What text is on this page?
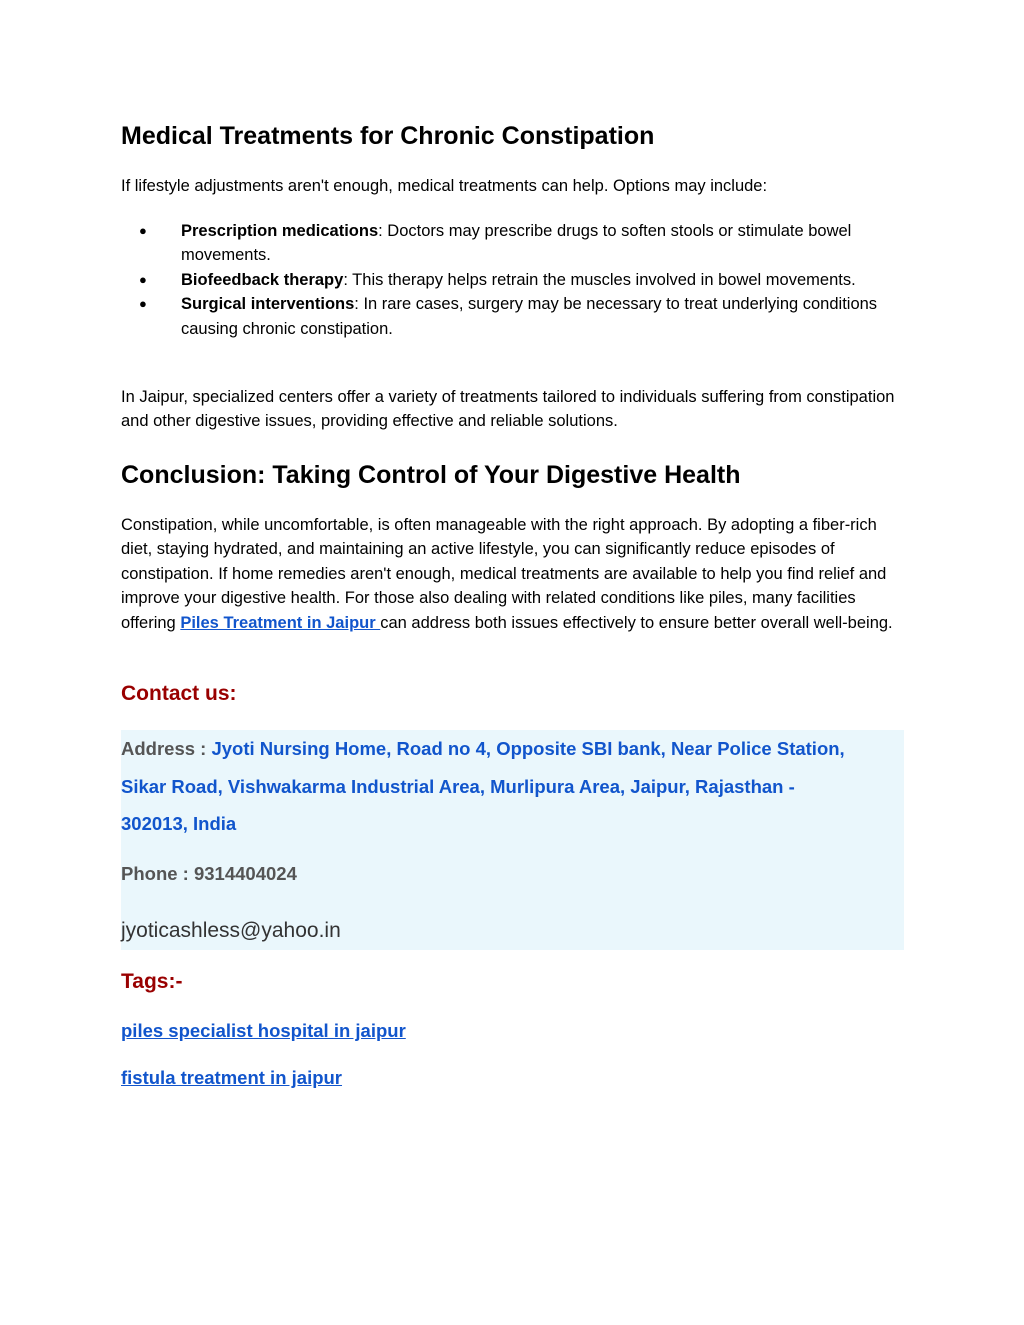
Medical Treatments for Chronic Constipation

If lifestyle adjustments aren't enough, medical treatments can help. Options may include:

● Prescription medications: Doctors may prescribe drugs to soften stools or stimulate bowel movements.
● Biofeedback therapy: This therapy helps retrain the muscles involved in bowel movements.
● Surgical interventions: In rare cases, surgery may be necessary to treat underlying conditions causing chronic constipation.

In Jaipur, specialized centers offer a variety of treatments tailored to individuals suffering from constipation and other digestive issues, providing effective and reliable solutions.

Conclusion: Taking Control of Your Digestive Health

Constipation, while uncomfortable, is often manageable with the right approach. By adopting a fiber-rich diet, staying hydrated, and maintaining an active lifestyle, you can significantly reduce episodes of constipation. If home remedies aren't enough, medical treatments are available to help you find relief and improve your digestive health. For those also dealing with related conditions like piles, many facilities offering Piles Treatment in Jaipur can address both issues effectively to ensure better overall well-being.

Contact us:
Address : Jyoti Nursing Home, Road no 4, Opposite SBI bank, Near Police Station, Sikar Road, Vishwakarma Industrial Area, Murlipura Area, Jaipur, Rajasthan - 302013, India
Phone : 9314404024
jyoticashless@yahoo.in
Tags:-
piles specialist hospital in jaipur
fistula treatment in jaipur
